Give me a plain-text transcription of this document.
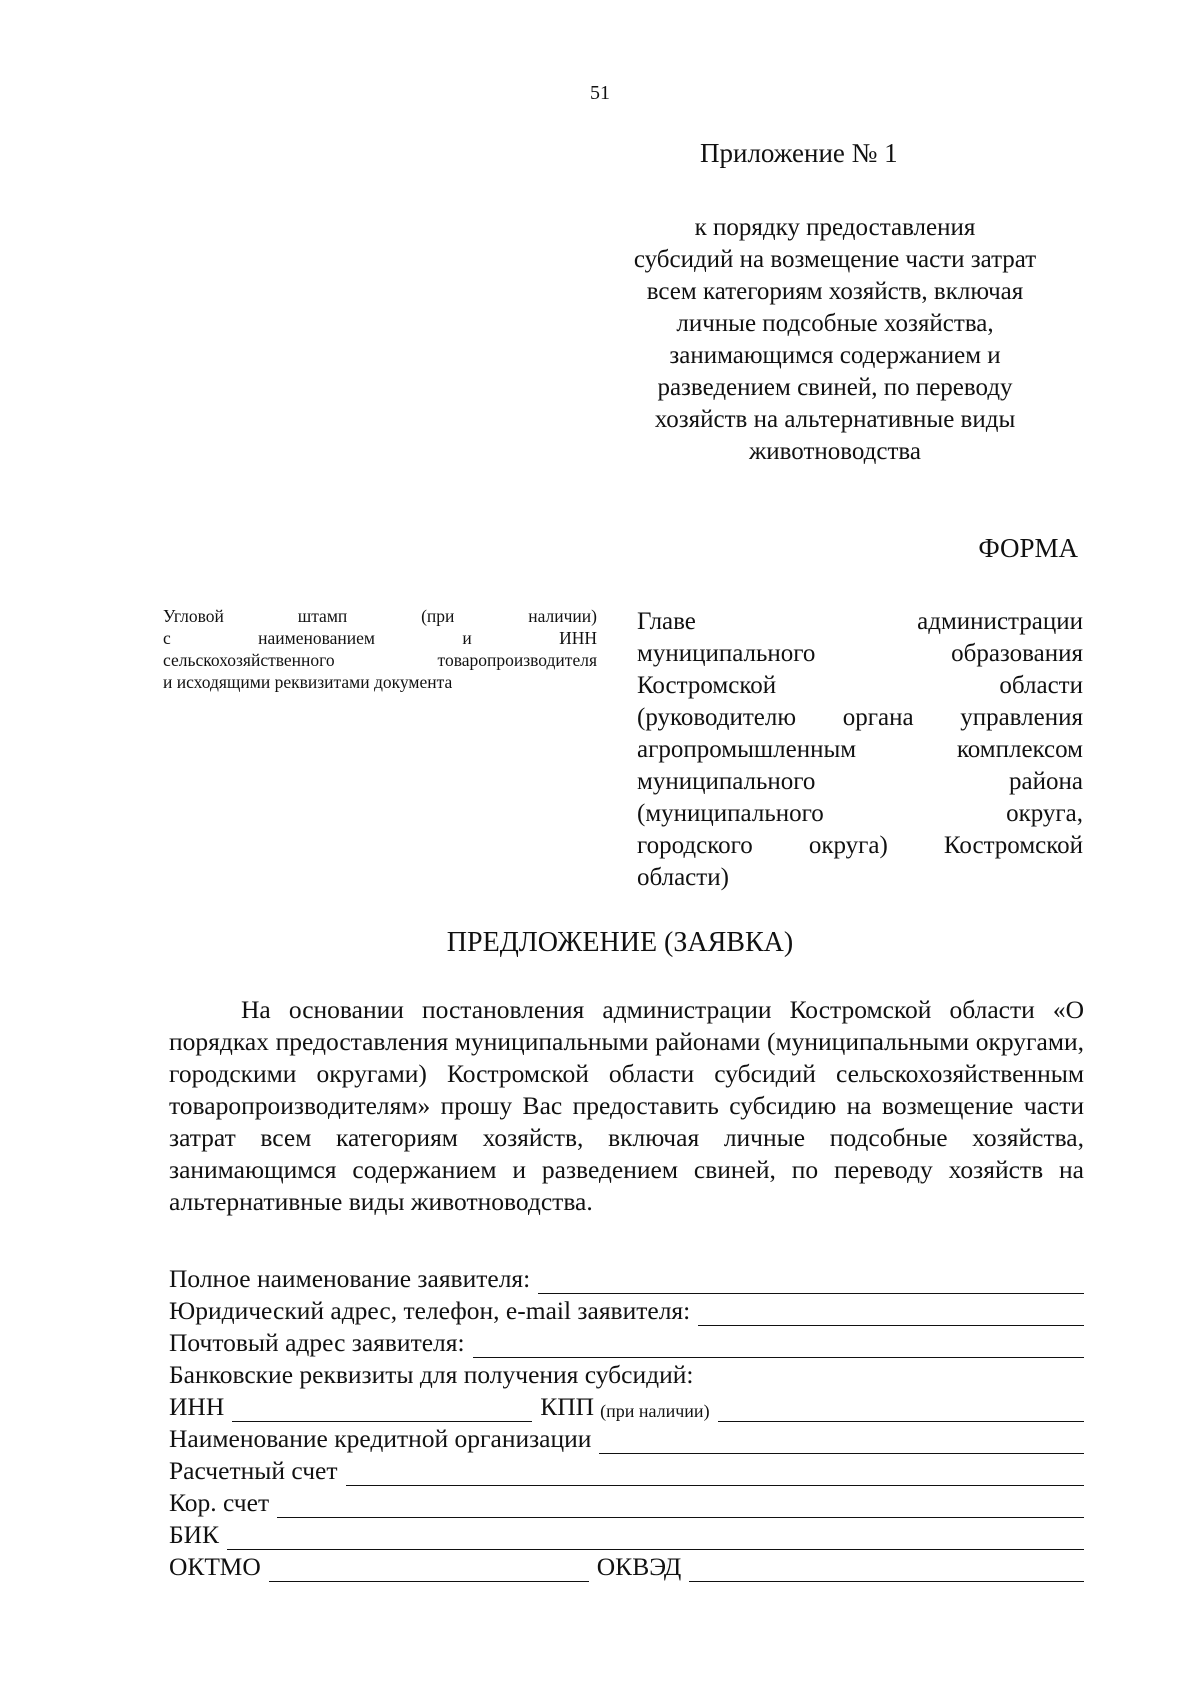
51
Приложение № 1
к порядку предоставления
субсидий на возмещение части затрат
всем категориям хозяйств, включая
личные подсобные хозяйства,
занимающимся содержанием и
разведением свиней, по переводу
хозяйств на альтернативные виды
животноводства
ФОРМА
Угловой штамп (при наличии)
с наименованием и ИНН
сельскохозяйственного товаропроизводителя
и исходящими реквизитами документа
Главе администрации
муниципального образования
Костромской области
(руководителю органа управления
агропромышленным комплексом
муниципального района
(муниципального округа,
городского округа) Костромской
области)
ПРЕДЛОЖЕНИЕ (ЗАЯВКА)
На основании постановления администрации Костромской области «О порядках предоставления муниципальными районами (муниципальными округами, городскими округами) Костромской области субсидий сельскохозяйственным товаропроизводителям» прошу Вас предоставить субсидию на возмещение части затрат всем категориям хозяйств, включая личные подсобные хозяйства, занимающимся содержанием и разведением свиней, по переводу хозяйств на альтернативные виды животноводства.
Полное наименование заявителя:
Юридический адрес, телефон, e-mail заявителя:
Почтовый адрес заявителя:
Банковские реквизиты для получения субсидий:
ИНН	КПП (при наличии)
Наименование кредитной организации
Расчетный счет
Кор. счет
БИК
ОКТМО	ОКВЭД
